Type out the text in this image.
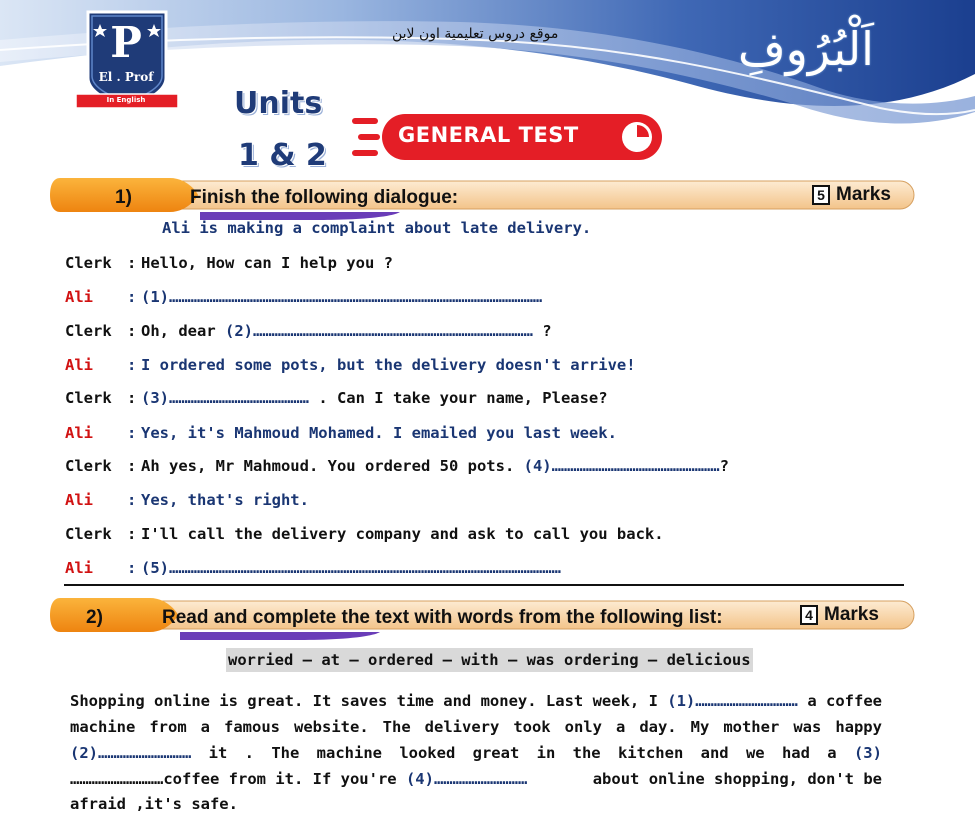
موقع دروس تعليمية اون لاين	اَلْبُرُوفِ
P
El . Prof
In English	Units
1 & 2
GENERAL TEST
1)	Finish the following dialogue:	5 Marks
Ali is making a complaint about late delivery.
Clerk : Hello, How can I help you ?
Ali : (1)…………………………………………………………………………………………………………
Clerk : Oh, dear (2)……………………………………………………………………………… ?
Ali : I ordered some pots, but the delivery doesn't arrive!
Clerk : (3)……………………………………… . Can I take your name, Please?
Ali : Yes, it's Mahmoud Mohamed. I emailed you last week.
Clerk : Ah yes, Mr Mahmoud. You ordered 50 pots. (4)………………………………………………?
Ali : Yes, that's right.
Clerk : I'll call the delivery company and ask to call you back.
Ali : (5)………………………………………………………………………………………………………………
2)	Read and complete the text with words from the following list:	4 Marks
worried – at – ordered – with – was ordering – delicious
Shopping online is great. It saves time and money. Last week, I (1)…………………………… a coffee
machine from a famous website. The delivery took only a day. My mother was happy
(2)………………………… it . The machine looked great in the kitchen and we had a (3)
…………………………coffee from it. If you're (4)…………………………	about online shopping, don't be
afraid ,it's safe.
